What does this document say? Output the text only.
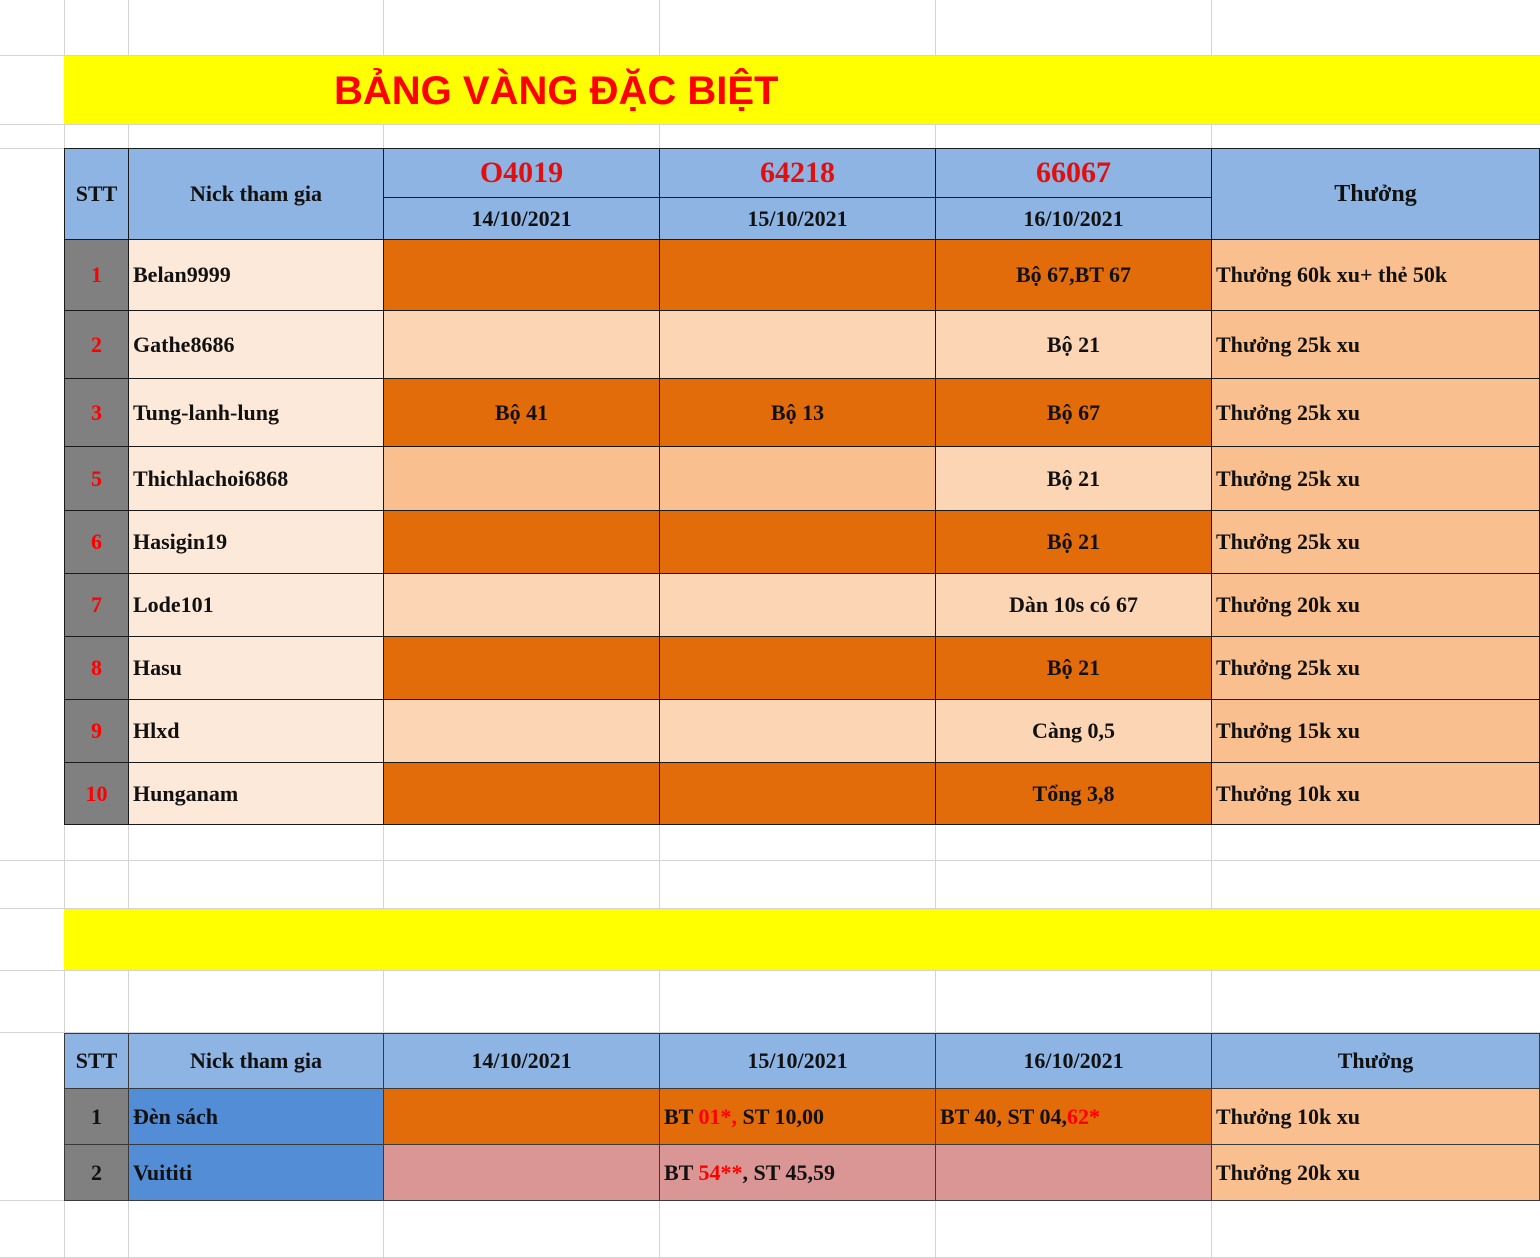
BẢNG VÀNG ĐẶC BIỆT
STT	Nick tham gia	O4019	64218	66067	Thưởng
		14/10/2021	15/10/2021	16/10/2021	
1	Belan9999			Bộ 67,BT 67	Thưởng 60k xu+ thẻ 50k
2	Gathe8686			Bộ 21	Thưởng 25k xu
3	Tung-lanh-lung	Bộ 41	Bộ 13	Bộ 67	Thưởng 25k xu
5	Thichlachoi6868			Bộ 21	Thưởng 25k xu
6	Hasigin19			Bộ 21	Thưởng 25k xu
7	Lode101			Dàn 10s có 67	Thưởng 20k xu
8	Hasu			Bộ 21	Thưởng 25k xu
9	Hlxd			Càng 0,5	Thưởng 15k xu
10	Hunganam			Tổng 3,8	Thưởng 10k xu
STT	Nick tham gia	14/10/2021	15/10/2021	16/10/2021	Thưởng
1	Đèn sách		BT 01*, ST 10,00	BT 40, ST 04,62*	Thưởng 10k xu
2	Vuititi		BT 54**, ST 45,59		Thưởng 20k xu
